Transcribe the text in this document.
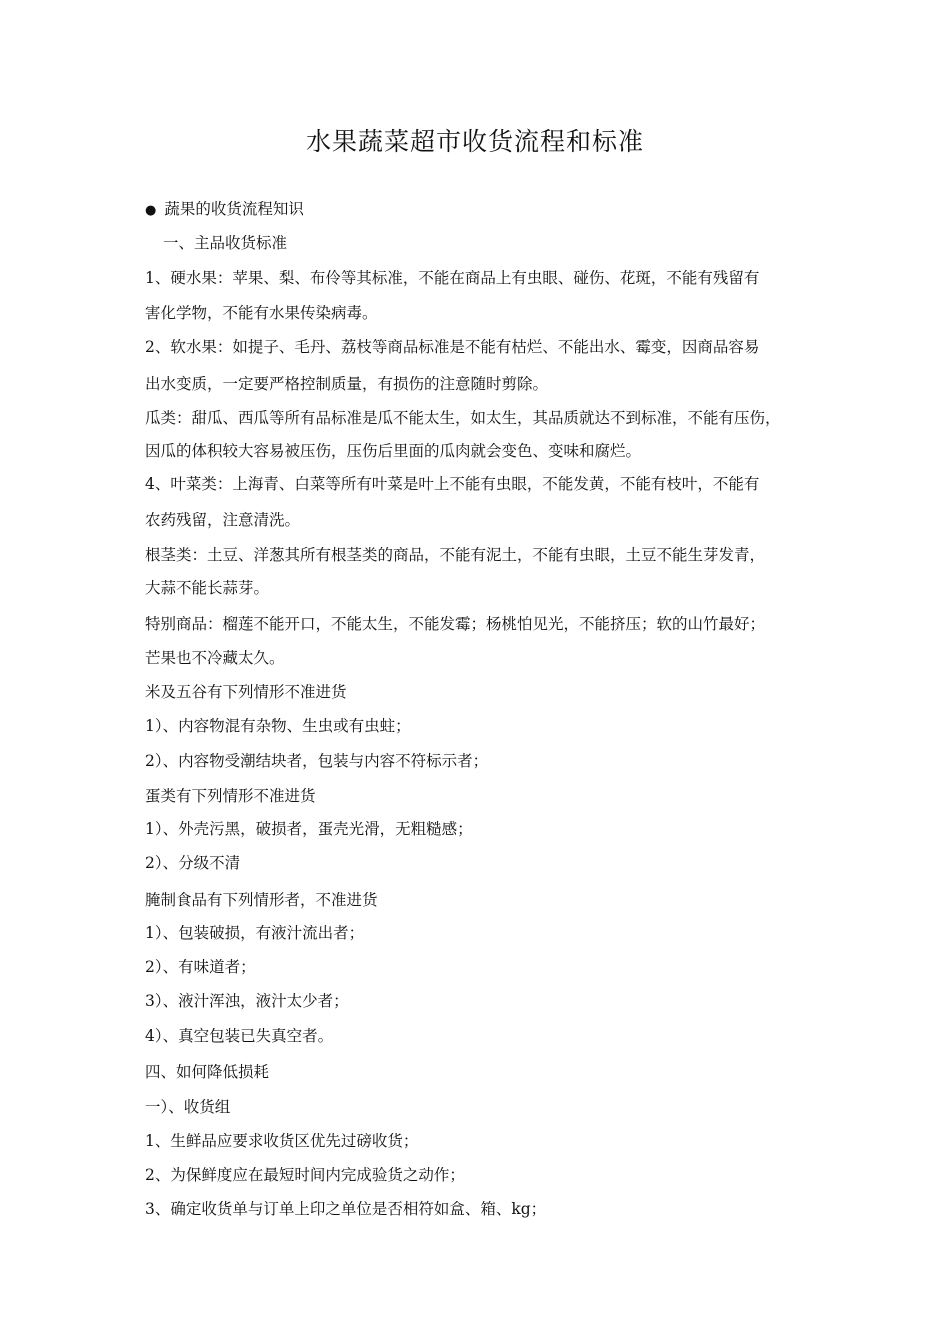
水果蔬菜超市收货流程和标准
● 蔬果的收货流程知识
一、主品收货标准
1、硬水果：苹果、梨、布伶等其标准，不能在商品上有虫眼、碰伤、花斑，不能有残留有
害化学物，不能有水果传染病毒。
2、软水果：如提子、毛丹、荔枝等商品标准是不能有枯烂、不能出水、霉变，因商品容易
出水变质，一定要严格控制质量，有损伤的注意随时剪除。
瓜类：甜瓜、西瓜等所有品标准是瓜不能太生，如太生，其品质就达不到标准，不能有压伤，
因瓜的体积较大容易被压伤，压伤后里面的瓜肉就会变色、变味和腐烂。
4、叶菜类：上海青、白菜等所有叶菜是叶上不能有虫眼，不能发黄，不能有枝叶，不能有
农药残留，注意清洗。
根茎类：土豆、洋葱其所有根茎类的商品，不能有泥土，不能有虫眼，土豆不能生芽发青，
大蒜不能长蒜芽。
特别商品：榴莲不能开口，不能太生，不能发霉；杨桃怕见光，不能挤压；软的山竹最好；
芒果也不冷藏太久。
米及五谷有下列情形不准进货
1）、内容物混有杂物、生虫或有虫蛀；
2）、内容物受潮结块者，包装与内容不符标示者；
蛋类有下列情形不准进货
1）、外壳污黑，破损者，蛋壳光滑，无粗糙感；
2）、分级不清
腌制食品有下列情形者，不准进货
1）、包装破损，有液汁流出者；
2）、有味道者；
3）、液汁浑浊，液汁太少者；
4）、真空包装已失真空者。
四、如何降低损耗
一）、收货组
1、生鲜品应要求收货区优先过磅收货；
2、为保鲜度应在最短时间内完成验货之动作；
3、确定收货单与订单上印之单位是否相符如盒、箱、kg；
